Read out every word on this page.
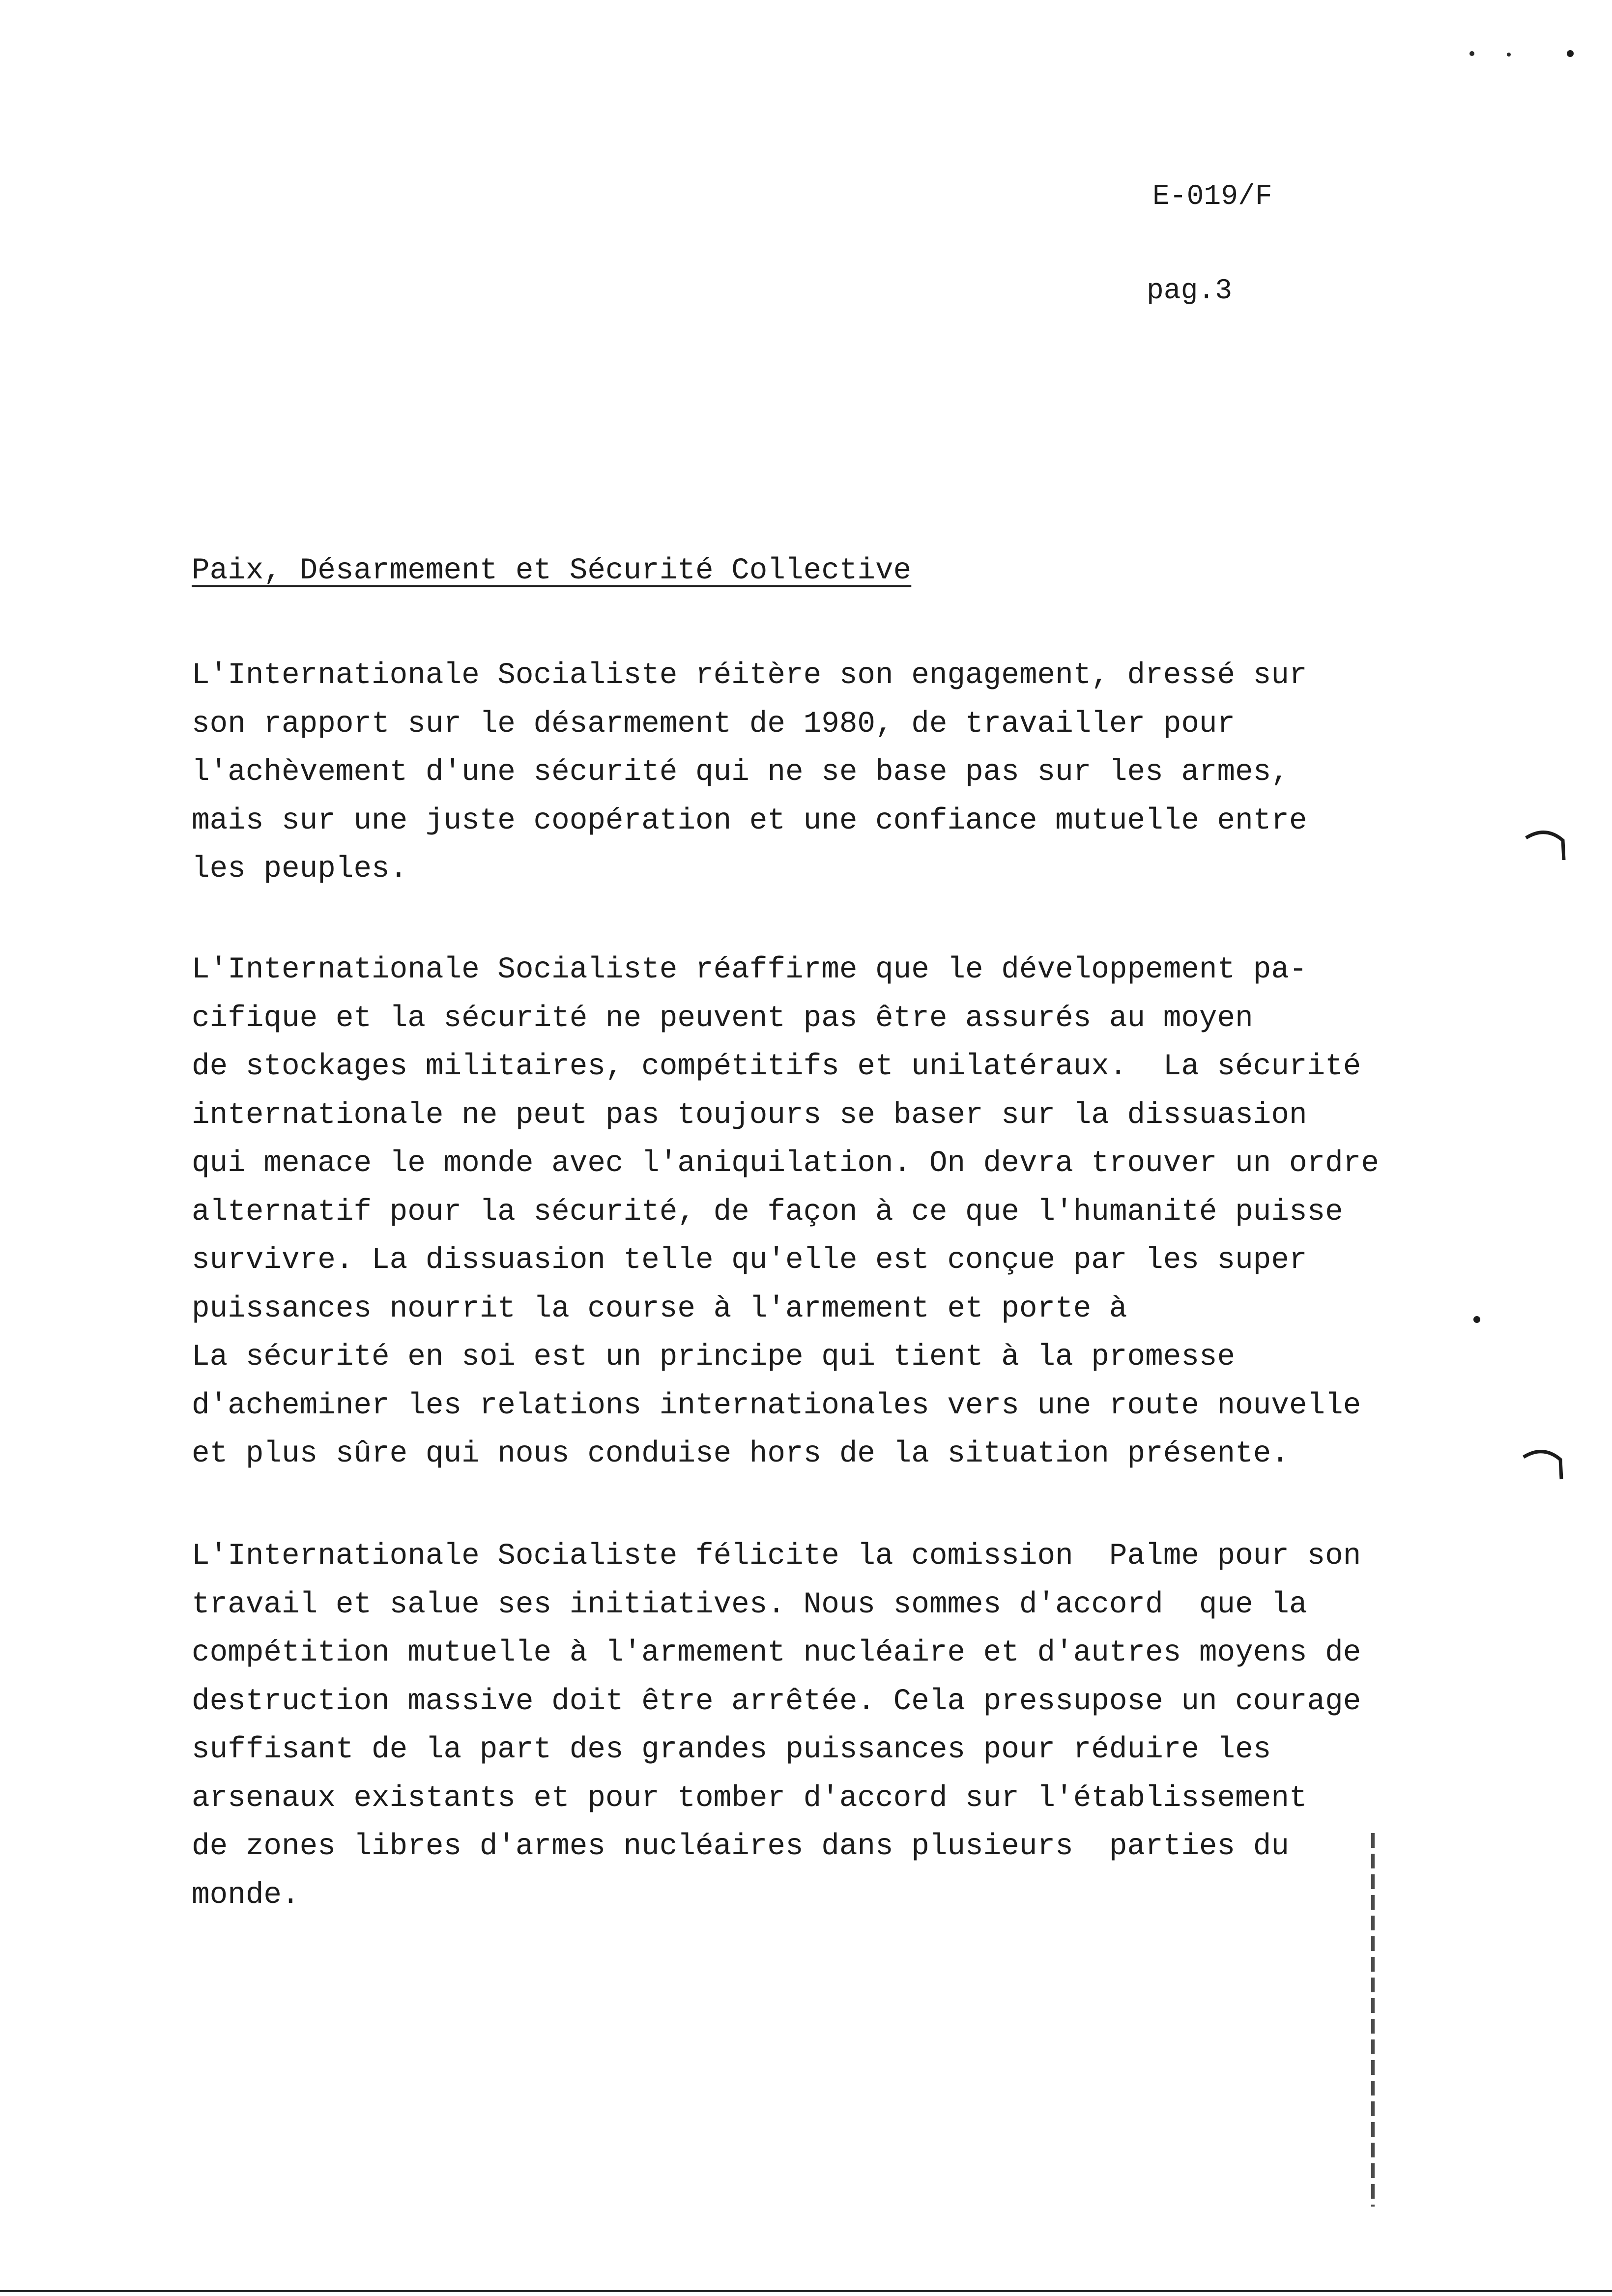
E-019/F
pag.3
Paix, Désarmement et Sécurité Collective
L'Internationale Socialiste réitère son engagement, dressé sur
son rapport sur le désarmement de 1980, de travailler pour
l'achèvement d'une sécurité qui ne se base pas sur les armes,
mais sur une juste coopération et une confiance mutuelle entre
les peuples.
L'Internationale Socialiste réaffirme que le développement pa-
cifique et la sécurité ne peuvent pas être assurés au moyen
de stockages militaires, compétitifs et unilatéraux.  La sécurité
internationale ne peut pas toujours se baser sur la dissuasion
qui menace le monde avec l'aniquilation. On devra trouver un ordre
alternatif pour la sécurité, de façon à ce que l'humanité puisse
survivre. La dissuasion telle qu'elle est conçue par les super
puissances nourrit la course à l'armement et porte à
La sécurité en soi est un principe qui tient à la promesse
d'acheminer les relations internationales vers une route nouvelle
et plus sûre qui nous conduise hors de la situation présente.
L'Internationale Socialiste félicite la comission  Palme pour son
travail et salue ses initiatives. Nous sommes d'accord  que la
compétition mutuelle à l'armement nucléaire et d'autres moyens de
destruction massive doit être arrêtée. Cela pressupose un courage
suffisant de la part des grandes puissances pour réduire les
arsenaux existants et pour tomber d'accord sur l'établissement
de zones libres d'armes nucléaires dans plusieurs  parties du
monde.
